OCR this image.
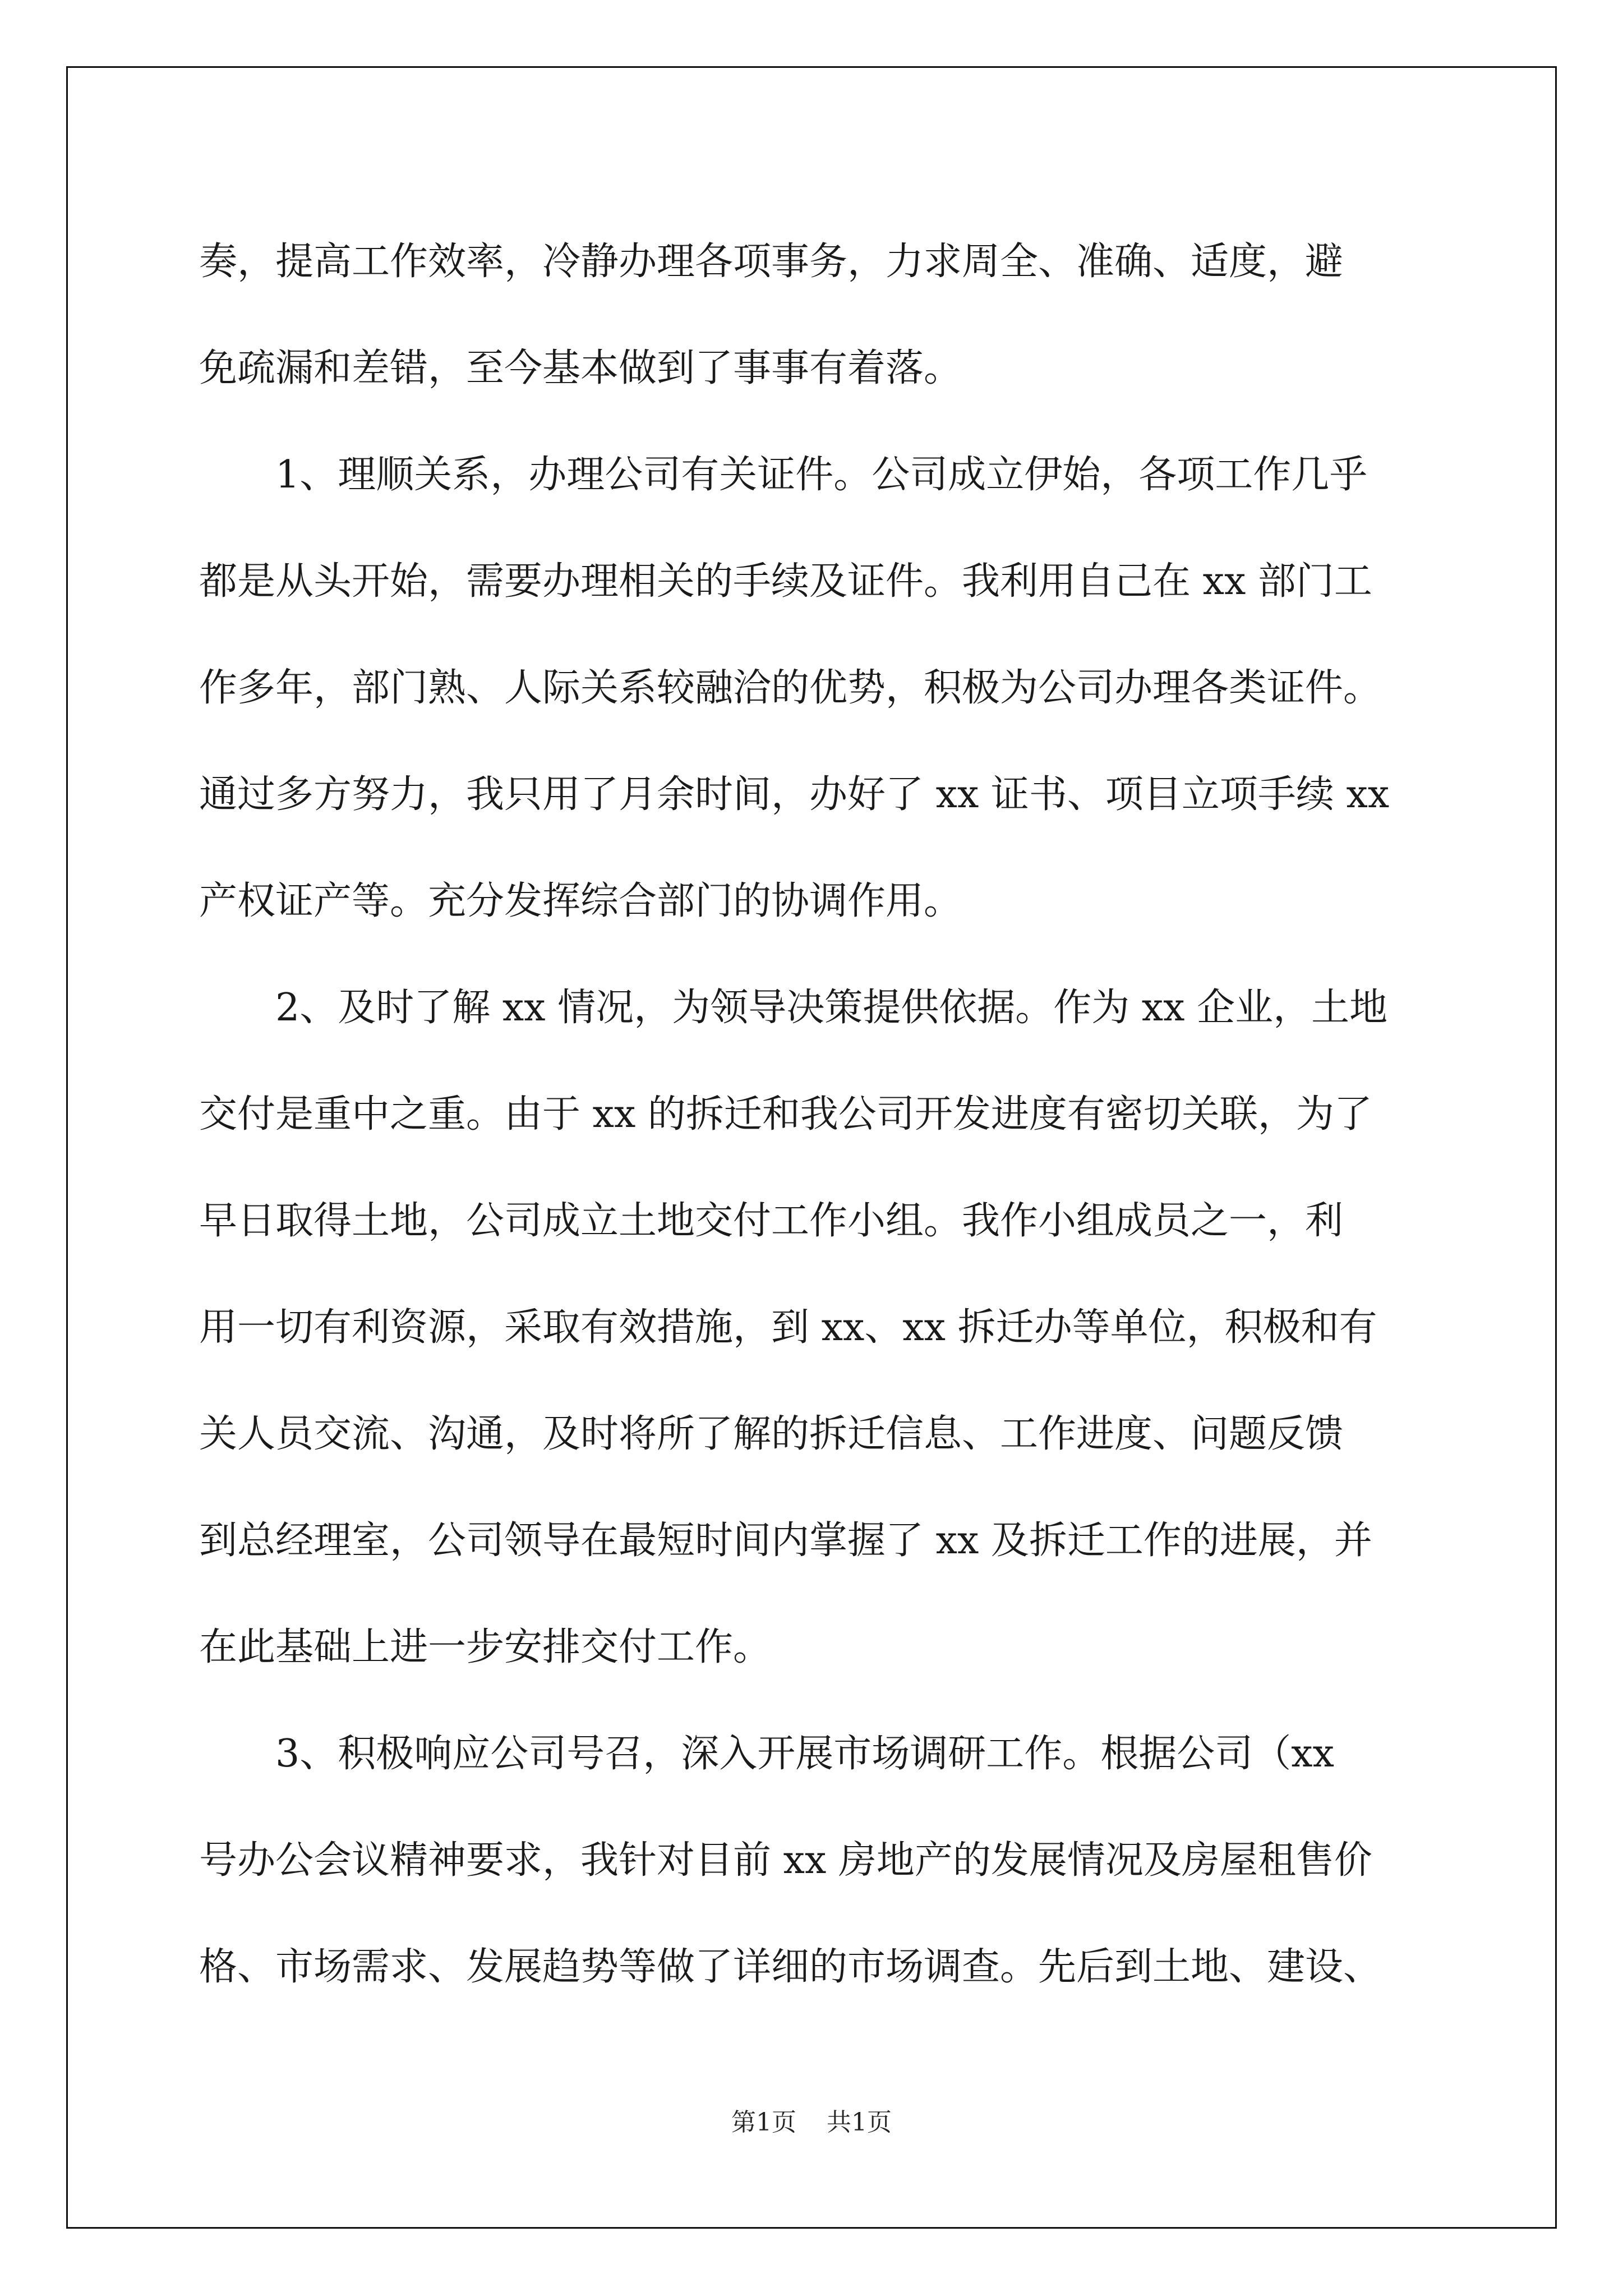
奏，提高工作效率，冷静办理各项事务，力求周全、准确、适度，避
免疏漏和差错，至今基本做到了事事有着落。
　　1、理顺关系，办理公司有关证件。公司成立伊始，各项工作几乎
都是从头开始，需要办理相关的手续及证件。我利用自己在 xx 部门工
作多年，部门熟、人际关系较融洽的优势，积极为公司办理各类证件。
通过多方努力，我只用了月余时间，办好了 xx 证书、项目立项手续 xx
产权证产等。充分发挥综合部门的协调作用。
　　2、及时了解 xx 情况，为领导决策提供依据。作为 xx 企业，土地
交付是重中之重。由于 xx 的拆迁和我公司开发进度有密切关联，为了
早日取得土地，公司成立土地交付工作小组。我作小组成员之一，利
用一切有利资源，采取有效措施，到 xx、xx 拆迁办等单位，积极和有
关人员交流、沟通，及时将所了解的拆迁信息、工作进度、问题反馈
到总经理室，公司领导在最短时间内掌握了 xx 及拆迁工作的进展，并
在此基础上进一步安排交付工作。
　　3、积极响应公司号召，深入开展市场调研工作。根据公司（xx
号办公会议精神要求，我针对目前 xx 房地产的发展情况及房屋租售价
格、市场需求、发展趋势等做了详细的市场调查。先后到土地、建设、
第1页 共1页
